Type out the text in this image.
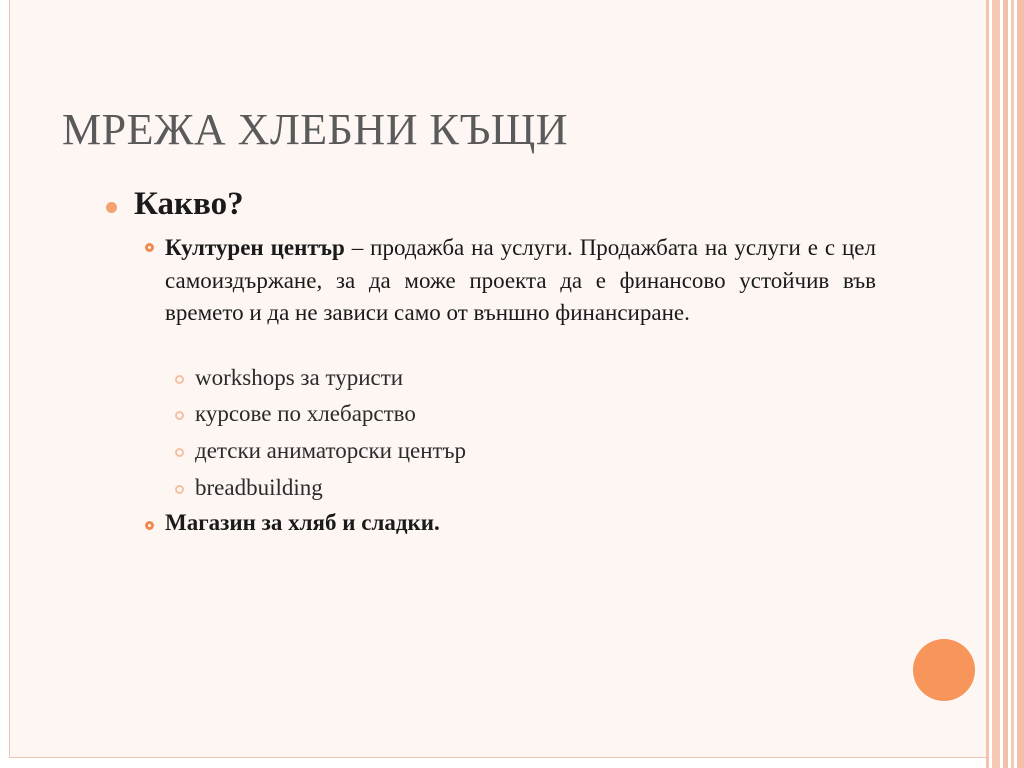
МРЕЖА ХЛЕБНИ КЪЩИ
Какво?
Културен център – продажба на услуги. Продажбата на услуги е с цел самоиздържане, за да може проекта да е финансово устойчив във времето и да не зависи само от външно финансиране.
workshops за туристи
курсове по хлебарство
детски аниматорски център
breadbuilding
Магазин за хляб и сладки.
